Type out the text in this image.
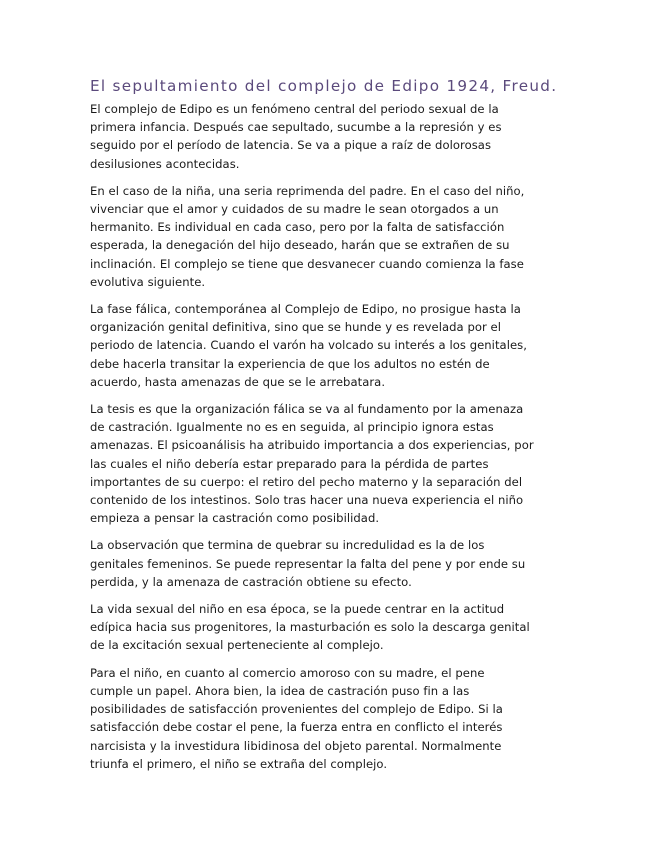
El sepultamiento del complejo de Edipo 1924, Freud.

El complejo de Edipo es un fenómeno central del periodo sexual de la
primera infancia. Después cae sepultado, sucumbe a la represión y es
seguido por el período de latencia. Se va a pique a raíz de dolorosas
desilusiones acontecidas.

En el caso de la niña, una seria reprimenda del padre. En el caso del niño,
vivenciar que el amor y cuidados de su madre le sean otorgados a un
hermanito. Es individual en cada caso, pero por la falta de satisfacción
esperada, la denegación del hijo deseado, harán que se extrañen de su
inclinación. El complejo se tiene que desvanecer cuando comienza la fase
evolutiva siguiente.

La fase fálica, contemporánea al Complejo de Edipo, no prosigue hasta la
organización genital definitiva, sino que se hunde y es revelada por el
periodo de latencia. Cuando el varón ha volcado su interés a los genitales,
debe hacerla transitar la experiencia de que los adultos no estén de
acuerdo, hasta amenazas de que se le arrebatara.

La tesis es que la organización fálica se va al fundamento por la amenaza
de castración. Igualmente no es en seguida, al principio ignora estas
amenazas. El psicoanálisis ha atribuido importancia a dos experiencias, por
las cuales el niño debería estar preparado para la pérdida de partes
importantes de su cuerpo: el retiro del pecho materno y la separación del
contenido de los intestinos. Solo tras hacer una nueva experiencia el niño
empieza a pensar la castración como posibilidad.

La observación que termina de quebrar su incredulidad es la de los
genitales femeninos. Se puede representar la falta del pene y por ende su
perdida, y la amenaza de castración obtiene su efecto.

La vida sexual del niño en esa época, se la puede centrar en la actitud
edípica hacia sus progenitores, la masturbación es solo la descarga genital
de la excitación sexual perteneciente al complejo.

Para el niño, en cuanto al comercio amoroso con su madre, el pene
cumple un papel. Ahora bien, la idea de castración puso fin a las
posibilidades de satisfacción provenientes del complejo de Edipo. Si la
satisfacción debe costar el pene, la fuerza entra en conflicto el interés
narcisista y la investidura libidinosa del objeto parental. Normalmente
triunfa el primero, el niño se extraña del complejo.
